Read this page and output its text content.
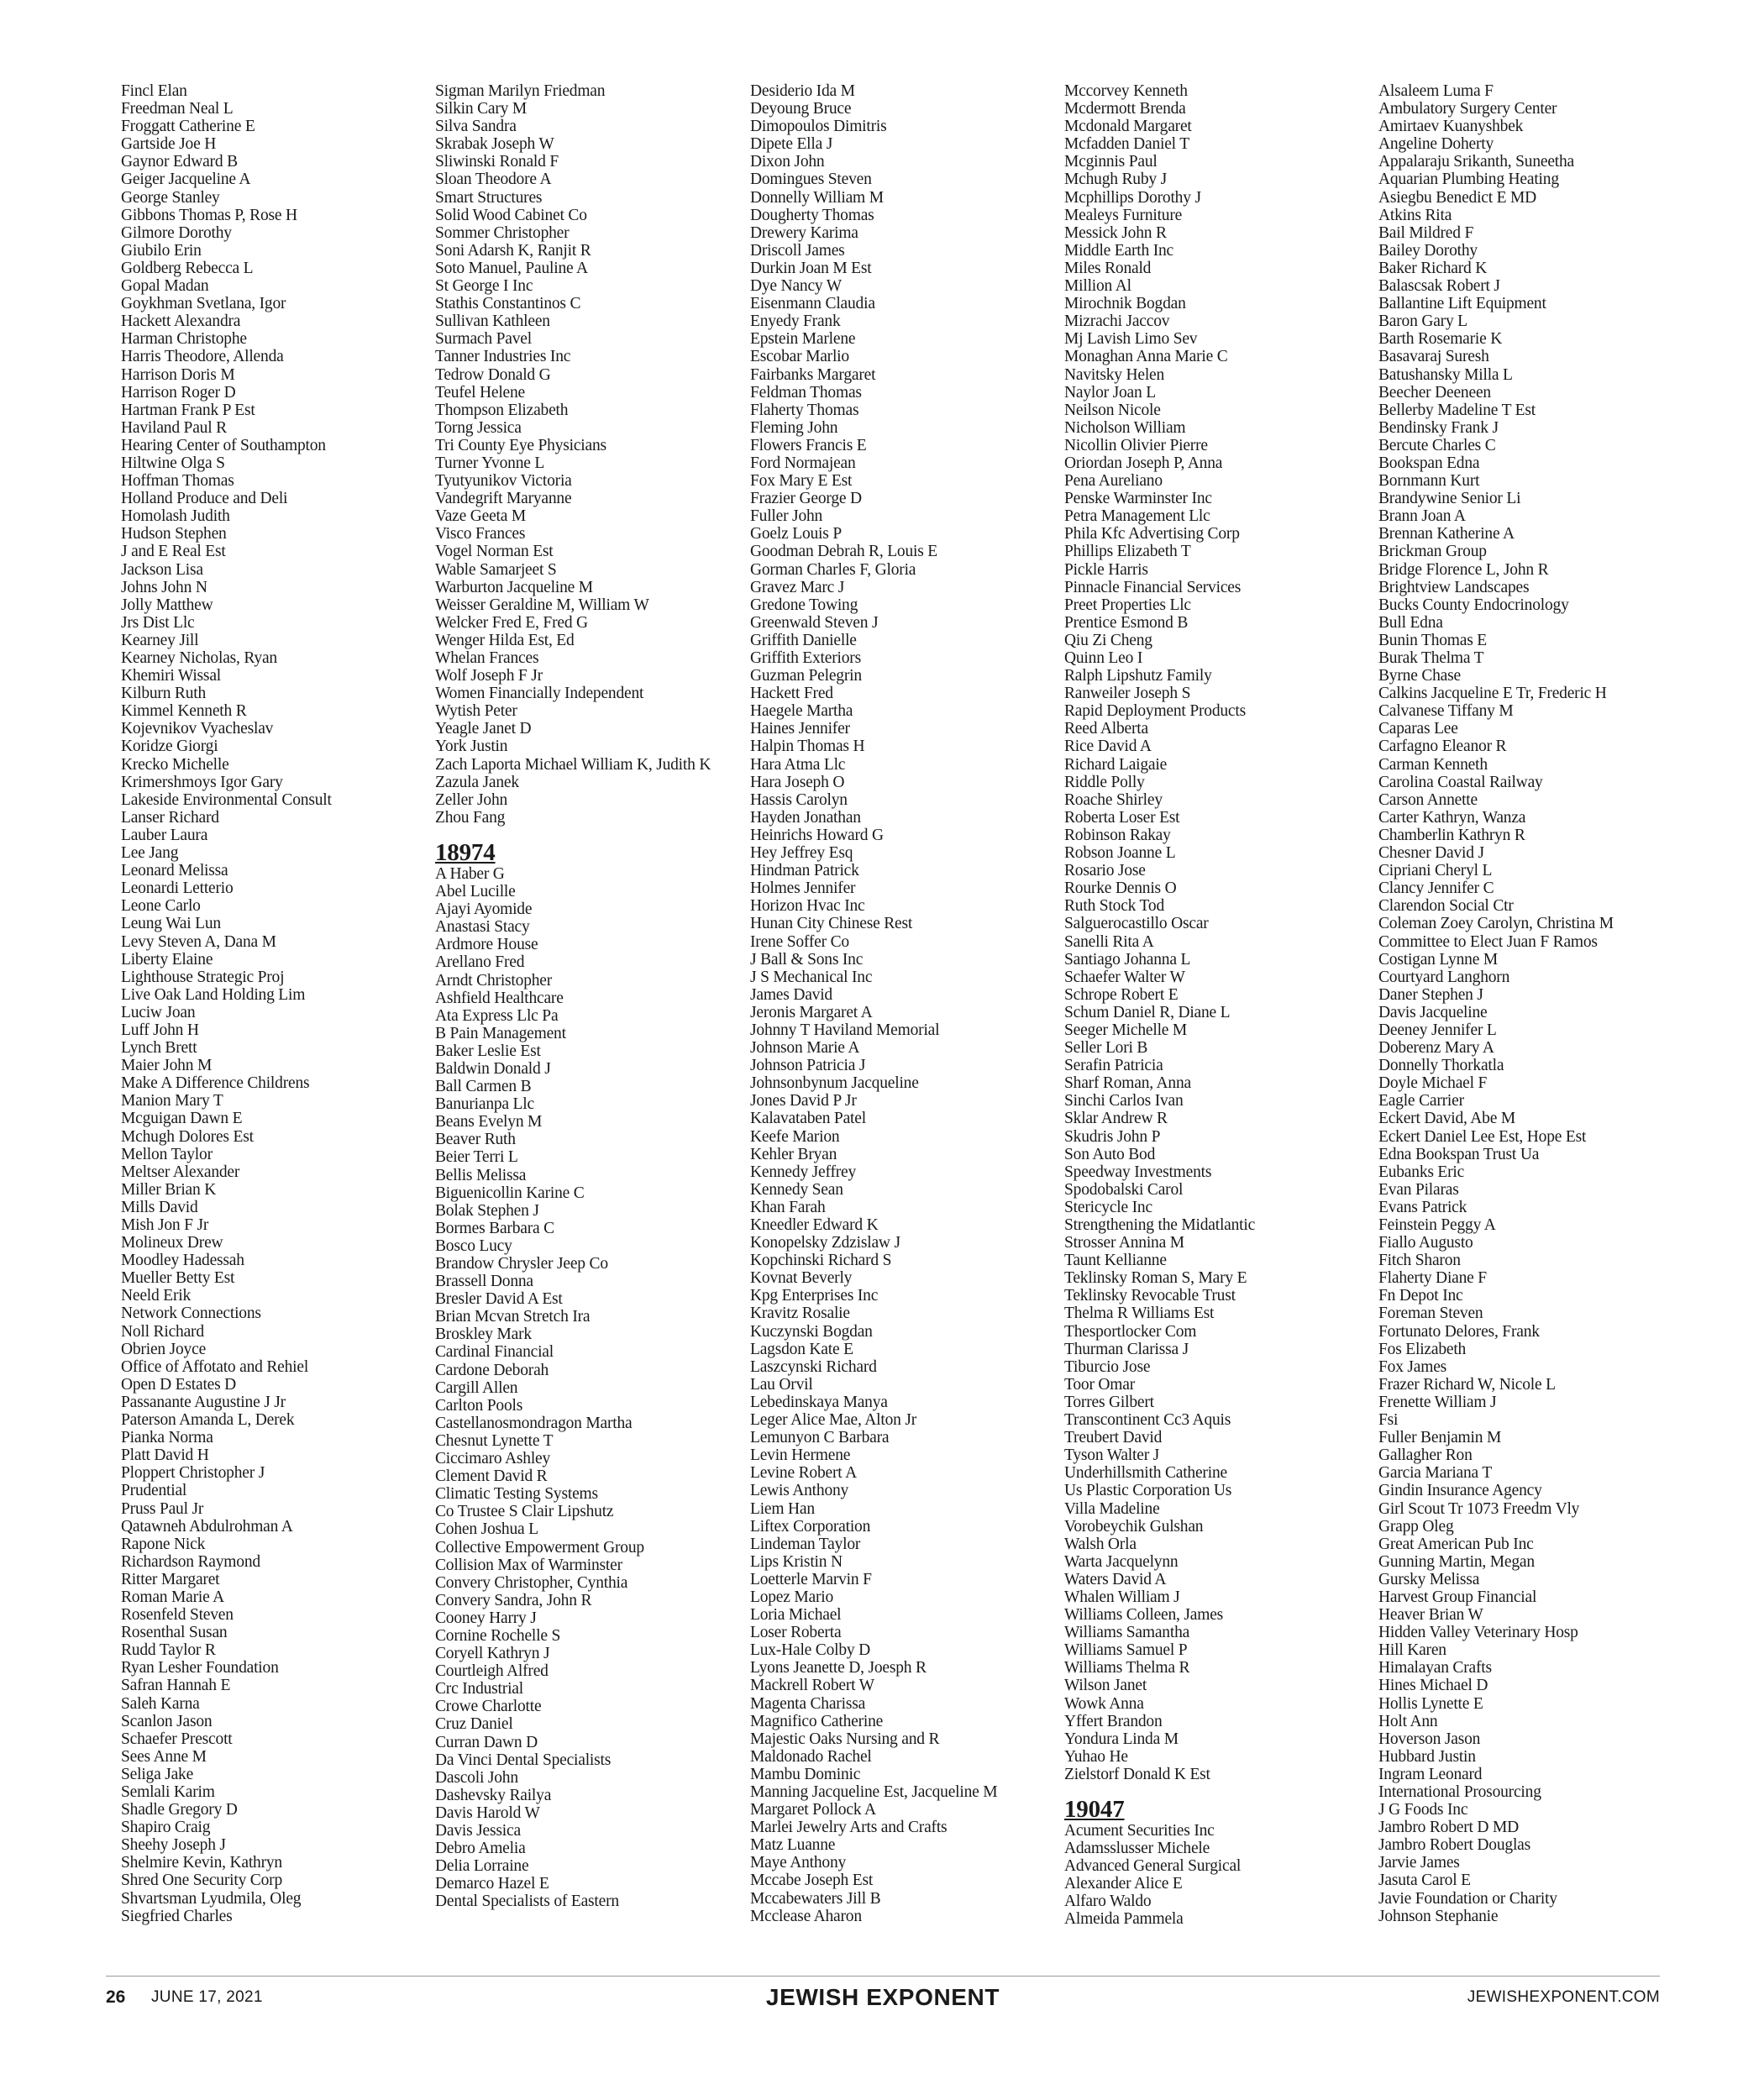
Fincl Elan
Freedman Neal L
Froggatt Catherine E
Gartside Joe H
Gaynor Edward B
Geiger Jacqueline A
George Stanley
Gibbons Thomas P, Rose H
Gilmore Dorothy
Giubilo Erin
Goldberg Rebecca L
Gopal Madan
Goykhman Svetlana, Igor
Hackett Alexandra
Harman Christophe
Harris Theodore, Allenda
Harrison Doris M
Harrison Roger D
Hartman Frank P Est
Haviland Paul R
Hearing Center of Southampton
Hiltwine Olga S
Hoffman Thomas
Holland Produce and Deli
Homolash Judith
Hudson Stephen
J and E Real Est
Jackson Lisa
Johns John N
Jolly Matthew
Jrs Dist Llc
Kearney Jill
Kearney Nicholas, Ryan
Khemiri Wissal
Kilburn Ruth
Kimmel Kenneth R
Kojevnikov Vyacheslav
Koridze Giorgi
Krecko Michelle
Krimershmoys Igor Gary
Lakeside Environmental Consult
Lanser Richard
Lauber Laura
Lee Jang
Leonard Melissa
Leonardi Letterio
Leone Carlo
Leung Wai Lun
Levy Steven A, Dana M
Liberty Elaine
Lighthouse Strategic Proj
Live Oak Land Holding Lim
Luciw Joan
Luff John H
Lynch Brett
Maier John M
Make A Difference Childrens
Manion Mary T
Mcguigan Dawn E
Mchugh Dolores Est
Mellon Taylor
Meltser Alexander
Miller Brian K
Mills David
Mish Jon F Jr
Molineux Drew
Moodley Hadessah
Mueller Betty Est
Neeld Erik
Network Connections
Noll Richard
Obrien Joyce
Office of Affotato and Rehiel
Open D Estates D
Passanante Augustine J Jr
Paterson Amanda L, Derek
Pianka Norma
Platt David H
Ploppert Christopher J
Prudential
Pruss Paul Jr
Qatawneh Abdulrohman A
Rapone Nick
Richardson Raymond
Ritter Margaret
Roman Marie A
Rosenfeld Steven
Rosenthal Susan
Rudd Taylor R
Ryan Lesher Foundation
Safran Hannah E
Saleh Karna
Scanlon Jason
Schaefer Prescott
Sees Anne M
Seliga Jake
Semlali Karim
Shadle Gregory D
Shapiro Craig
Sheehy Joseph J
Shelmire Kevin, Kathryn
Shred One Security Corp
Shvartsman Lyudmila, Oleg
Siegfried Charles
Sigman Marilyn Friedman
Silkin Cary M
Silva Sandra
Skrabak Joseph W
Sliwinski Ronald F
Sloan Theodore A
Smart Structures
Solid Wood Cabinet Co
Sommer Christopher
Soni Adarsh K, Ranjit R
Soto Manuel, Pauline A
St George I Inc
Stathis Constantinos C
Sullivan Kathleen
Surmach Pavel
Tanner Industries Inc
Tedrow Donald G
Teufel Helene
Thompson Elizabeth
Torng Jessica
Tri County Eye Physicians
Turner Yvonne L
Tyutyunikov Victoria
Vandegrift Maryanne
Vaze Geeta M
Visco Frances
Vogel Norman Est
Wable Samarjeet S
Warburton Jacqueline M
Weisser Geraldine M, William W
Welcker Fred E, Fred G
Wenger Hilda Est, Ed
Whelan Frances
Wolf Joseph F Jr
Women Financially Independent
Wytish Peter
Yeagle Janet D
York Justin
Zach Laporta Michael William K, Judith K
Zazula Janek
Zeller John
Zhou Fang
18974
A Haber G
Abel Lucille
Ajayi Ayomide
Anastasi Stacy
Ardmore House
Arellano Fred
Arndt Christopher
Ashfield Healthcare
Ata Express Llc Pa
B Pain Management
Baker Leslie Est
Baldwin Donald J
Ball Carmen B
Banurianpa Llc
Beans Evelyn M
Beaver Ruth
Beier Terri L
Bellis Melissa
Biguenicollin Karine C
Bolak Stephen J
Bormes Barbara C
Bosco Lucy
Brandow Chrysler Jeep Co
Brassell Donna
Bresler David A Est
Brian Mcvan Stretch Ira
Broskley Mark
Cardinal Financial
Cardone Deborah
Cargill Allen
Carlton Pools
Castellanosmondragon Martha
Chesnut Lynette T
Ciccimaro Ashley
Clement David R
Climatic Testing Systems
Co Trustee S Clair Lipshutz
Cohen Joshua L
Collective Empowerment Group
Collision Max of Warminster
Convery Christopher, Cynthia
Convery Sandra, John R
Cooney Harry J
Cornine Rochelle S
Coryell Kathryn J
Courtleigh Alfred
Crc Industrial
Crowe Charlotte
Cruz Daniel
Curran Dawn D
Da Vinci Dental Specialists
Dascoli John
Dashevsky Railya
Davis Harold W
Davis Jessica
Debro Amelia
Delia Lorraine
Demarco Hazel E
Dental Specialists of Eastern
Desiderio Ida M
Deyoung Bruce
Dimopoulos Dimitris
Dipete Ella J
Dixon John
Domingues Steven
Donnelly William M
Dougherty Thomas
Drewery Karima
Driscoll James
Durkin Joan M Est
Dye Nancy W
Eisenmann Claudia
Enyedy Frank
Epstein Marlene
Escobar Marlio
Fairbanks Margaret
Feldman Thomas
Flaherty Thomas
Fleming John
Flowers Francis E
Ford Normajean
Fox Mary E Est
Frazier George D
Fuller John
Goelz Louis P
Goodman Debrah R, Louis E
Gorman Charles F, Gloria
Gravez Marc J
Gredone Towing
Greenwald Steven J
Griffith Danielle
Griffith Exteriors
Guzman Pelegrin
Hackett Fred
Haegele Martha
Haines Jennifer
Halpin Thomas H
Hara Atma Llc
Hara Joseph O
Hassis Carolyn
Hayden Jonathan
Heinrichs Howard G
Hey Jeffrey Esq
Hindman Patrick
Holmes Jennifer
Horizon Hvac Inc
Hunan City Chinese Rest
Irene Soffer Co
J Ball & Sons Inc
J S Mechanical Inc
James David
Jeronis Margaret A
Johnny T Haviland Memorial
Johnson Marie A
Johnson Patricia J
Johnsonbynum Jacqueline
Jones David P Jr
Kalavataben Patel
Keefe Marion
Kehler Bryan
Kennedy Jeffrey
Kennedy Sean
Khan Farah
Kneedler Edward K
Konopelsky Zdzislaw J
Kopchinski Richard S
Kovnat Beverly
Kpg Enterprises Inc
Kravitz Rosalie
Kuczynski Bogdan
Lagsdon Kate E
Laszcynski Richard
Lau Orvil
Lebedinskaya Manya
Leger Alice Mae, Alton Jr
Lemunyon C Barbara
Levin Hermene
Levine Robert A
Lewis Anthony
Liem Han
Liftex Corporation
Lindeman Taylor
Lips Kristin N
Loetterle Marvin F
Lopez Mario
Loria Michael
Loser Roberta
Lux-Hale Colby D
Lyons Jeanette D, Joesph R
Mackrell Robert W
Magenta Charissa
Magnifico Catherine
Majestic Oaks Nursing and R
Maldonado Rachel
Mambu Dominic
Manning Jacqueline Est, Jacqueline M
Margaret Pollock A
Marlei Jewelry Arts and Crafts
Matz Luanne
Maye Anthony
Mccabe Joseph Est
Mccabewaters Jill B
Mcclease Aharon
Mccorvey Kenneth
Mcdermott Brenda
Mcdonald Margaret
Mcfadden Daniel T
Mcginnis Paul
Mchugh Ruby J
Mcphillips Dorothy J
Mealeys Furniture
Messick John R
Middle Earth Inc
Miles Ronald
Million Al
Mirochnik Bogdan
Mizrachi Jaccov
Mj Lavish Limo Sev
Monaghan Anna Marie C
Navitsky Helen
Naylor Joan L
Neilson Nicole
Nicholson William
Nicollin Olivier Pierre
Oriordan Joseph P, Anna
Pena Aureliano
Penske Warminster Inc
Petra Management Llc
Phila Kfc Advertising Corp
Phillips Elizabeth T
Pickle Harris
Pinnacle Financial Services
Preet Properties Llc
Prentice Esmond B
Qiu Zi Cheng
Quinn Leo I
Ralph Lipshutz Family
Ranweiler Joseph S
Rapid Deployment Products
Reed Alberta
Rice David A
Richard Laigaie
Riddle Polly
Roache Shirley
Roberta Loser Est
Robinson Rakay
Robson Joanne L
Rosario Jose
Rourke Dennis O
Ruth Stock Tod
Salguerocastillo Oscar
Sanelli Rita A
Santiago Johanna L
Schaefer Walter W
Schrope Robert E
Schum Daniel R, Diane L
Seeger Michelle M
Seller Lori B
Serafin Patricia
Sharf Roman, Anna
Sinchi Carlos Ivan
Sklar Andrew R
Skudris John P
Son Auto Bod
Speedway Investments
Spodobalski Carol
Stericycle Inc
Strengthening the Midatlantic
Strosser Annina M
Taunt Kellianne
Teklinsky Roman S, Mary E
Teklinsky Revocable Trust
Thelma R Williams Est
Thesportlocker Com
Thurman Clarissa J
Tiburcio Jose
Toor Omar
Torres Gilbert
Transcontinent Cc3 Aquis
Treubert David
Tyson Walter J
Underhillsmith Catherine
Us Plastic Corporation Us
Villa Madeline
Vorobeychik Gulshan
Walsh Orla
Warta Jacquelynn
Waters David A
Whalen William J
Williams Colleen, James
Williams Samantha
Williams Samuel P
Williams Thelma R
Wilson Janet
Wowk Anna
Yffert Brandon
Yondura Linda M
Yuhao He
Zielstorf Donald K Est
19047
Acument Securities Inc
Adamsslusser Michele
Advanced General Surgical
Alexander Alice E
Alfaro Waldo
Almeida Pammela
Alsaleem Luma F
Ambulatory Surgery Center
Amirtaev Kuanyshbek
Angeline Doherty
Appalaraju Srikanth, Suneetha
Aquarian Plumbing Heating
Asiegbu Benedict E MD
Atkins Rita
Bail Mildred F
Bailey Dorothy
Baker Richard K
Balascsak Robert J
Ballantine Lift Equipment
Baron Gary L
Barth Rosemarie K
Basavaraj Suresh
Batushansky Milla L
Beecher Deeneen
Bellerby Madeline T Est
Bendinsky Frank J
Bercute Charles C
Bookspan Edna
Bornmann Kurt
Brandywine Senior Li
Brann Joan A
Brennan Katherine A
Brickman Group
Bridge Florence L, John R
Brightview Landscapes
Bucks County Endocrinology
Bull Edna
Bunin Thomas E
Burak Thelma T
Byrne Chase
Calkins Jacqueline E Tr, Frederic H
Calvanese Tiffany M
Caparas Lee
Carfagno Eleanor R
Carman Kenneth
Carolina Coastal Railway
Carson Annette
Carter Kathryn, Wanza
Chamberlin Kathryn R
Chesner David J
Cipriani Cheryl L
Clancy Jennifer C
Clarendon Social Ctr
Coleman Zoey Carolyn, Christina M
Committee to Elect Juan F Ramos
Costigan Lynne M
Courtyard Langhorn
Daner Stephen J
Davis Jacqueline
Deeney Jennifer L
Doberenz Mary A
Donnelly Thorkatla
Doyle Michael F
Eagle Carrier
Eckert David, Abe M
Eckert Daniel Lee Est, Hope Est
Edna Bookspan Trust Ua
Eubanks Eric
Evan Pilaras
Evans Patrick
Feinstein Peggy A
Fiallo Augusto
Fitch Sharon
Flaherty Diane F
Fn Depot Inc
Foreman Steven
Fortunato Delores, Frank
Fos Elizabeth
Fox James
Frazer Richard W, Nicole L
Frenette William J
Fsi
Fuller Benjamin M
Gallagher Ron
Garcia Mariana T
Gindin Insurance Agency
Girl Scout Tr 1073 Freedm Vly
Grapp Oleg
Great American Pub Inc
Gunning Martin, Megan
Gursky Melissa
Harvest Group Financial
Heaver Brian W
Hidden Valley Veterinary Hosp
Hill Karen
Himalayan Crafts
Hines Michael D
Hollis Lynette E
Holt Ann
Hoverson Jason
Hubbard Justin
Ingram Leonard
International Prosourcing
J G Foods Inc
Jambro Robert D MD
Jambro Robert Douglas
Jarvie James
Jasuta Carol E
Javie Foundation or Charity
Johnson Stephanie
26 JUNE 17, 2021	JEWISH EXPONENT	JEWISHEXPONENT.COM
